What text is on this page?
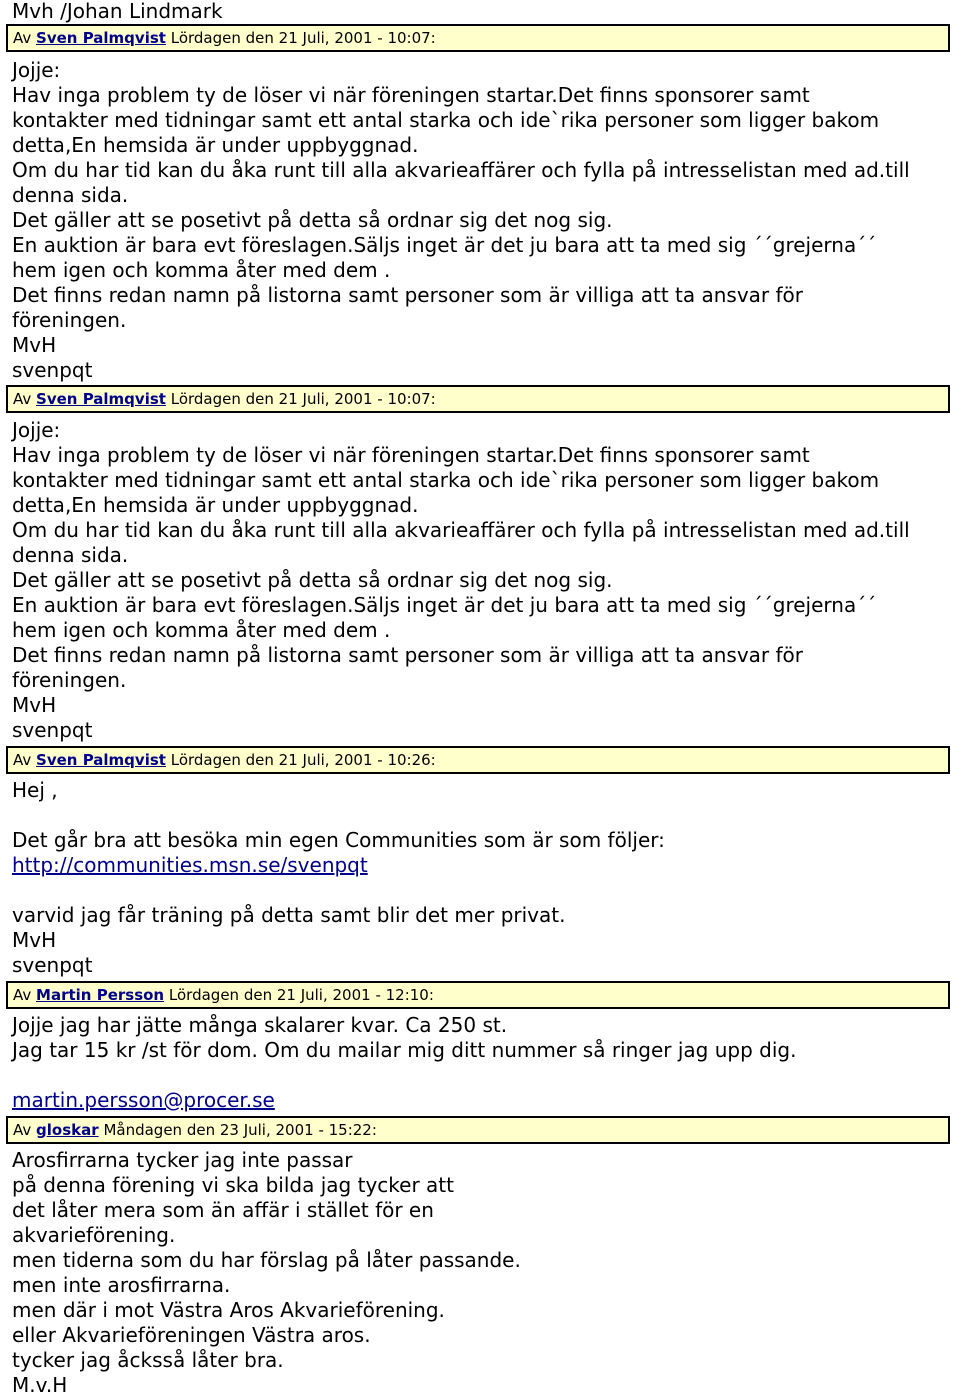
Mvh /Johan Lindmark
Av Sven Palmqvist Lördagen den 21 Juli, 2001 - 10:07:
Jojje:
Hav inga problem ty de löser vi när föreningen startar.Det finns sponsorer samt
kontakter med tidningar samt ett antal starka och ide`rika personer som ligger bakom
detta,En hemsida är under uppbyggnad.
Om du har tid kan du åka runt till alla akvarieaffärer och fylla på intresselistan med ad.till
denna sida.
Det gäller att se posetivt på detta så ordnar sig det nog sig.
En auktion är bara evt föreslagen.Säljs inget är det ju bara att ta med sig ´´grejerna´´
hem igen och komma åter med dem .
Det finns redan namn på listorna samt personer som är villiga att ta ansvar för
föreningen.
MvH
svenpqt
Av Sven Palmqvist Lördagen den 21 Juli, 2001 - 10:07:
Jojje:
Hav inga problem ty de löser vi när föreningen startar.Det finns sponsorer samt
kontakter med tidningar samt ett antal starka och ide`rika personer som ligger bakom
detta,En hemsida är under uppbyggnad.
Om du har tid kan du åka runt till alla akvarieaffärer och fylla på intresselistan med ad.till
denna sida.
Det gäller att se posetivt på detta så ordnar sig det nog sig.
En auktion är bara evt föreslagen.Säljs inget är det ju bara att ta med sig ´´grejerna´´
hem igen och komma åter med dem .
Det finns redan namn på listorna samt personer som är villiga att ta ansvar för
föreningen.
MvH
svenpqt
Av Sven Palmqvist Lördagen den 21 Juli, 2001 - 10:26:
Hej ,
Det går bra att besöka min egen Communities som är som följer:
http://communities.msn.se/svenpqt
varvid jag får träning på detta samt blir det mer privat.
MvH
svenpqt
Av Martin Persson Lördagen den 21 Juli, 2001 - 12:10:
Jojje jag har jätte många skalarer kvar. Ca 250 st.
Jag tar 15 kr /st för dom. Om du mailar mig ditt nummer så ringer jag upp dig.
martin.persson@procer.se
Av gloskar Måndagen den 23 Juli, 2001 - 15:22:
Arosfirrarna tycker jag inte passar
på denna förening vi ska bilda jag tycker att
det låter mera som än affär i stället för en
akvarieförening.
men tiderna som du har förslag på låter passande.
men inte arosfirrarna.
men där i mot Västra Aros Akvarieförening.
eller Akvarieföreningen Västra aros.
tycker jag åcksså låter bra.
M.v.H
